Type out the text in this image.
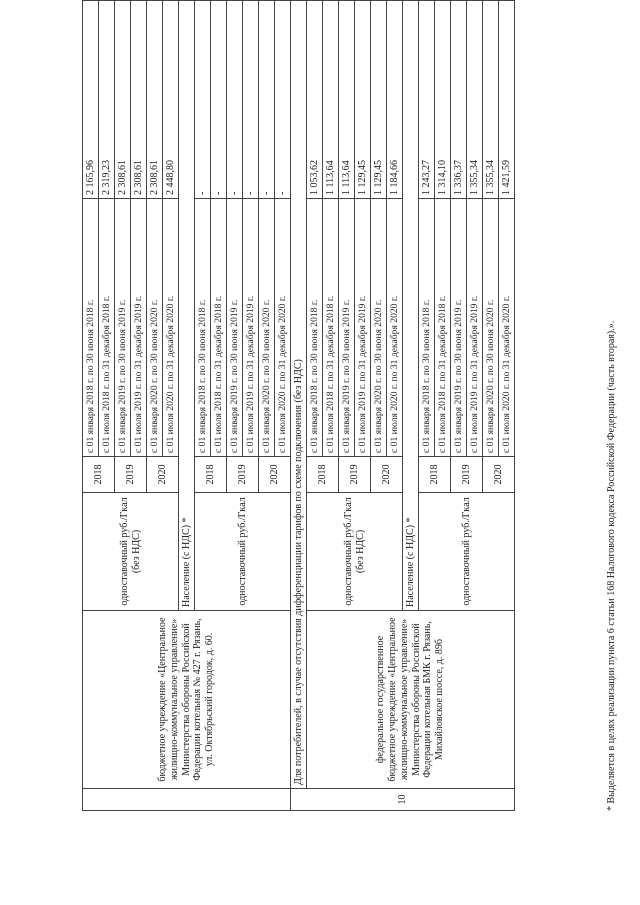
	бюджетное учреждение «Центральное жилищно-коммунальное управление» Министерства обороны Российской Федерации котельная № 427 г. Рязань, ул. Октябрьский городок, д. 60.	одноставочный руб./Гкал (без НДС)	2018	с 01 января 2018 г. по 30 июня 2018 г.	2 165,96
				с 01 июля 2018 г. по 31 декабря 2018 г.	2 319,23
			2019	с 01 января 2019 г. по 30 июня 2019 г.	2 308,61
				с 01 июля 2019 г. по 31 декабря 2019 г.	2 308,61
			2020	с 01 января 2020 г. по 30 июня 2020 г.	2 308,61
				с 01 июля 2020 г. по 31 декабря 2020 г.	2 448,80
		Население (с НДС) *			
		одноставочный руб./Гкал	2018	с 01 января 2018 г. по 30 июня 2018 г.	-
				с 01 июля 2018 г. по 31 декабря 2018 г.	-
			2019	с 01 января 2019 г. по 30 июня 2019 г.	-
				с 01 июля 2019 г. по 31 декабря 2019 г.	-
			2020	с 01 января 2020 г. по 30 июня 2020 г.	-
				с 01 июля 2020 г. по 31 декабря 2020 г.	-
10	Для потребителей, в случае отсутствия дифференциации тарифов по схеме подключения (без НДС)				
	федеральное государственное бюджетное учреждение «Центральное жилищно-коммунальное управление» Министерства обороны Российской Федерации котельная БМК г. Рязань, Михайловское шоссе, д. 89б	одноставочный руб./Гкал (без НДС)	2018	с 01 января 2018 г. по 30 июня 2018 г.	1 053,62
				с 01 июля 2018 г. по 31 декабря 2018 г.	1 113,64
			2019	с 01 января 2019 г. по 30 июня 2019 г.	1 113,64
				с 01 июля 2019 г. по 31 декабря 2019 г.	1 129,45
			2020	с 01 января 2020 г. по 30 июня 2020 г.	1 129,45
				с 01 июля 2020 г. по 31 декабря 2020 г.	1 184,66
		Население (с НДС) *			
		одноставочный руб./Гкал	2018	с 01 января 2018 г. по 30 июня 2018 г.	1 243,27
				с 01 июля 2018 г. по 31 декабря 2018 г.	1 314,10
			2019	с 01 января 2019 г. по 30 июня 2019 г.	1 336,37
				с 01 июля 2019 г. по 31 декабря 2019 г.	1 355,34
			2020	с 01 января 2020 г. по 30 июня 2020 г.	1 355,34
				с 01 июля 2020 г. по 31 декабря 2020 г.	1 421,59
* Выделяется в целях реализации пункта 6 статьи 168 Налогового кодекса Российской Федерации (часть вторая).».
